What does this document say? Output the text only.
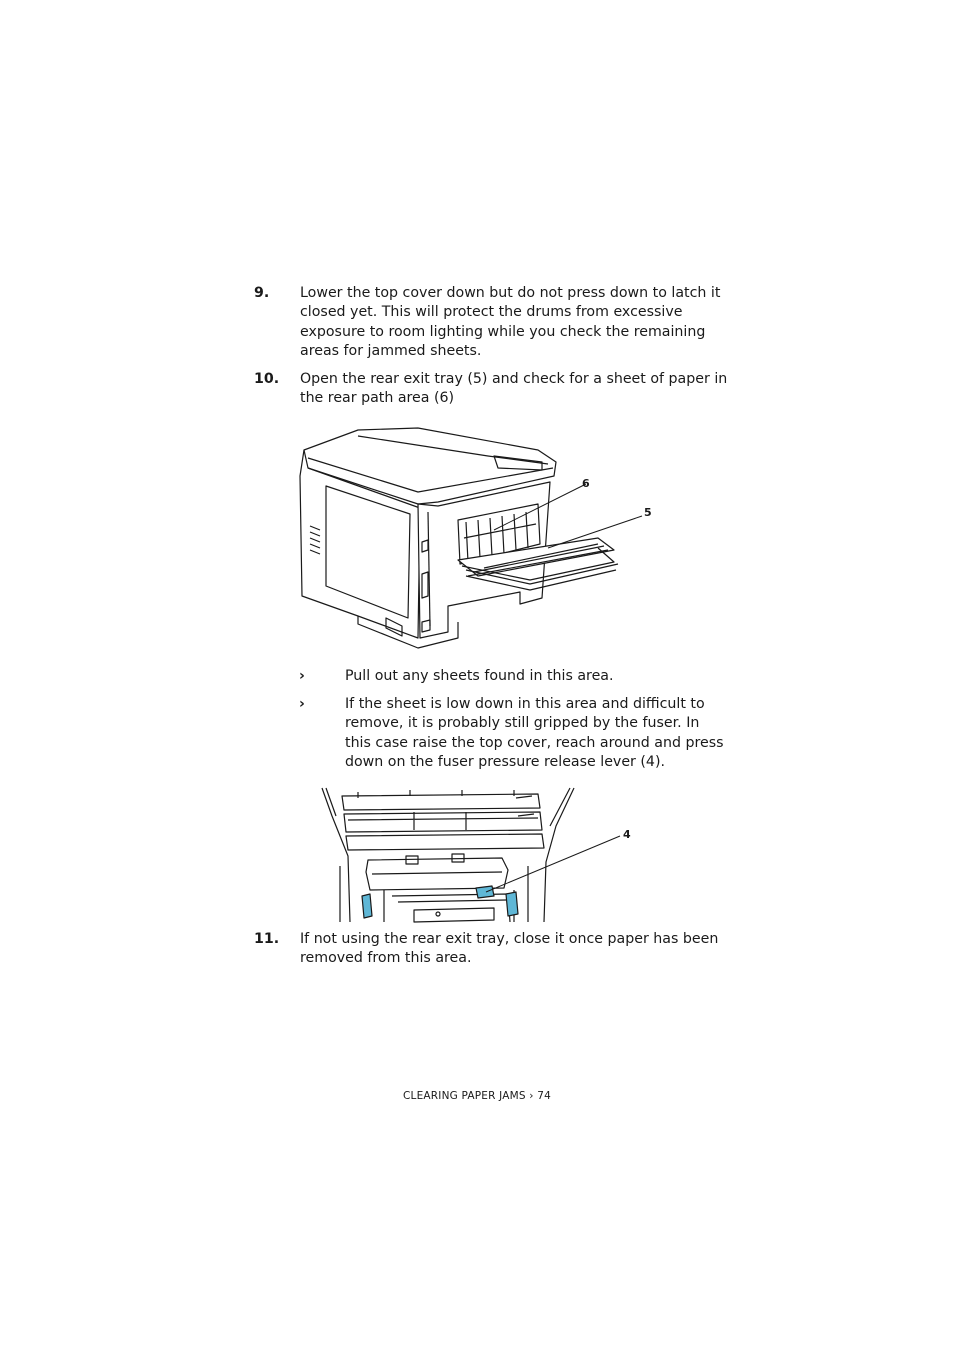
9. Lower the top cover down but do not press down to latch it closed yet. This will protect the drums from excessive exposure to room lighting while you check the remaining areas for jammed sheets.
10. Open the rear exit tray (5) and check for a sheet of paper in the rear path area (6)
6
5
›	Pull out any sheets found in this area.
›	If the sheet is low down in this area and difficult to remove, it is probably still gripped by the fuser. In this case raise the top cover, reach around and press down on the fuser pressure release lever (4).
4
11. If not using the rear exit tray, close it once paper has been removed from this area.
CLEARING PAPER JAMS › 74
